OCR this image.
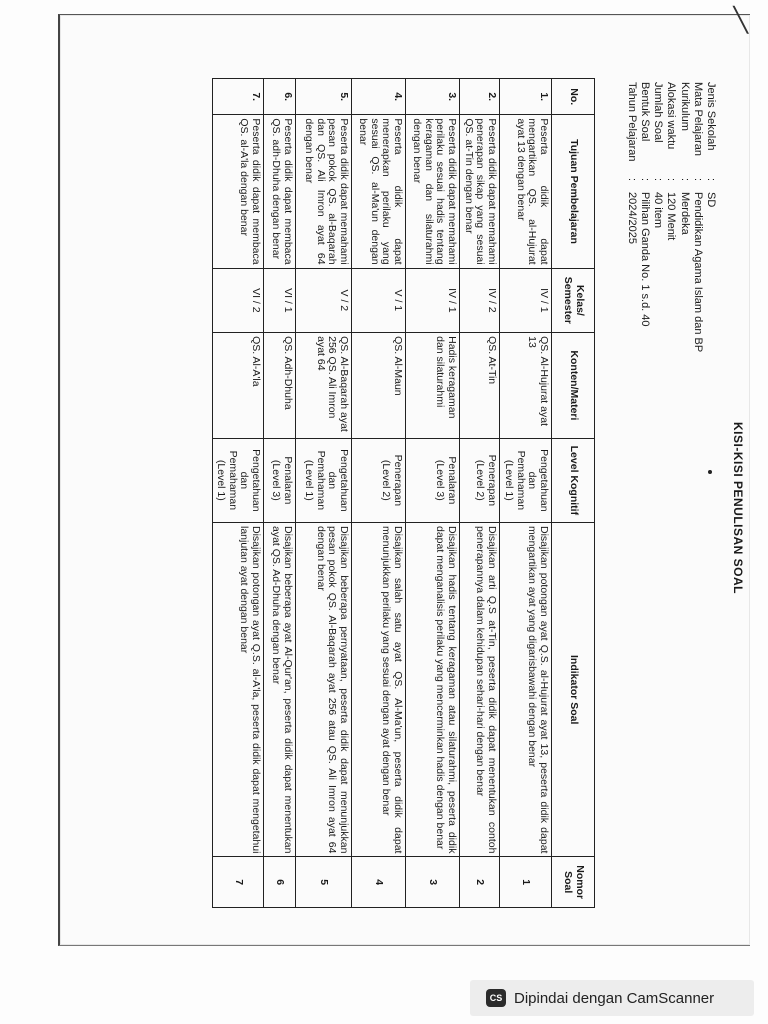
╲
KISI-KISI PENULISAN SOAL
Jenis Sekolah
:
SD
Mata Pelajaran
:
Pendidikan Agama Islam dan BP
Kurikulum
:
Merdeka
Alokasi waktu
:
120 Menit
Jumlah Soal
:
40 item
Bentuk Soal
:
Pilihan Ganda No. 1 s.d. 40
Tahun Pelajaran
:
2024/2025
No.	Tujuan Pembelajaran	Kelas/ Semester	Konten/Materi	Level Kognitif	Indikator Soal	Nomor Soal
1.	Peserta didik dapat mengartikan QS. al-Hujurat ayat 13 dengan benar	IV / 1	QS. Al-Hujurat ayat 13	Pengetahuan dan Pemahaman (Level 1)	Disajikan potongan ayat Q.S. al-Hujurat ayat 13, peserta didik dapat mengartikan ayat yang digarisbawahi dengan benar	1
2.	Peserta didik dapat memahami penerapan sikap yang sesuai QS. at-Tin dengan benar	IV / 2	QS. At-Tin	Penerapan (Level 2)	Disajikan arti Q.S at-Tin, peserta didik dapat menentukan contoh penerapannya dalam kehidupan sehari-hari dengan benar	2
3.	Peserta didik dapat memahami perilaku sesuai hadis tentang keragaman dan silaturahmi dengan benar	IV / 1	Hadis keragaman dan silaturahmi	Penalaran (Level 3)	Disajikan hadis tentang keragaman atau silaturahmi, peserta didik dapat menganalisis perilaku yang mencerminkan hadis dengan benar	3
4.	Peserta didik dapat menerapkan perilaku yang sesuai QS. al-Ma'un dengan benar	V / 1	QS. Al-Maun	Penerapan (Level 2)	Disajikan salah satu ayat QS. Al-Ma'un, peserta didik dapat menunjukkan perilaku yang sesuai dengan ayat dengan benar	4
5.	Peserta didik dapat memahami pesan pokok QS. al-Baqarah dan QS. Ali Imron ayat 64 dengan benar	V / 2	QS. Al-Baqarah ayat 256 QS. Ali Imron ayat 64	Pengetahuan dan Pemahaman (Level 1)	Disajikan beberapa pernyataan, peserta didik dapat menunjukkan pesan pokok QS. Al-Baqarah ayat 256 atau QS. Ali Imron ayat 64 dengan benar	5
6.	Peserta didik dapat membaca QS. adh-Dhuha dengan benar	VI / 1	QS. Adh-Dhuha	Penalaran (Level 3)	Disajikan beberapa ayat Al-Qur'an, peserta didik dapat menentukan ayat QS. Ad-Dhuha dengan benar	6
7.	Peserta didik dapat membaca QS. al-A'la dengan benar	VI / 2	QS. Al-A'la	Pengetahuan dan Pemahaman (Level 1)	Disajikan potongan ayat Q.S. al-A'la, peserta didik dapat mengetahui lanjutan ayat dengan benar	7
CS Dipindai dengan CamScanner
